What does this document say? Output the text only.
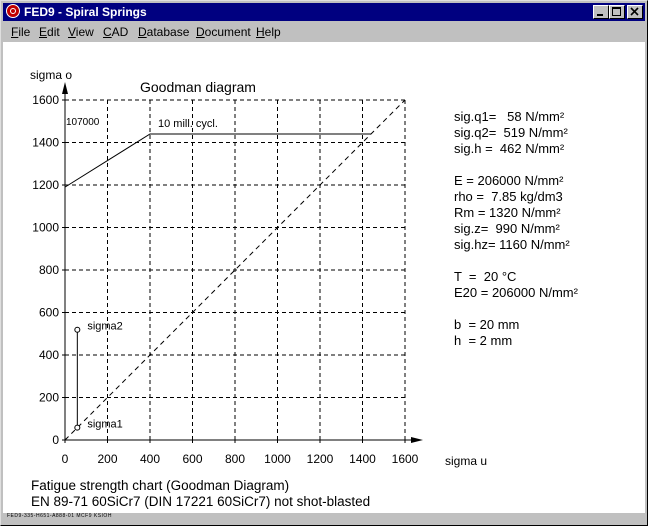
FED9 - Spiral Springs
File Edit View CAD Database Document Help
0 200 400 600 800 1000 1200 1400 1600
0
200
400
600
800
1000
1200
1400
1600
10 mill. cycl.
107000
sigma1
sigma2
Goodman diagram
sigma o
sigma u
sig.q1=   58 N/mm²
sig.q2=  519 N/mm²
sig.h =  462 N/mm²

E = 206000 N/mm²
rho =  7.85 kg/dm3
Rm = 1320 N/mm²
sig.z=  990 N/mm²
sig.hz= 1160 N/mm²

T  =  20 °C
E20 = 206000 N/mm²

b  = 20 mm
h  = 2 mm
Fatigue strength chart (Goodman Diagram)
EN 89-71 60SiCr7 (DIN 17221 60SiCr7) not shot-blasted
FED9-335-H651-A888-01 MCF9 KSIOH
